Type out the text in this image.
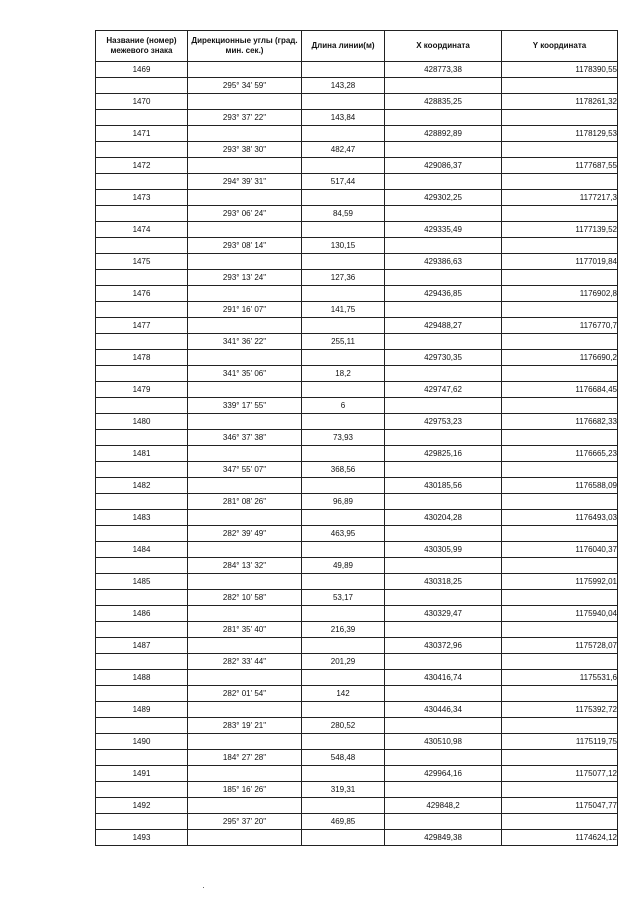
Название (номер) межевого знака	Дирекционные углы (град. мин. сек.)	Длина линии(м)	X координата	Y координата
1469			428773,38	1178390,55
	295° 34' 59"	143,28		
1470			428835,25	1178261,32
	293° 37' 22"	143,84		
1471			428892,89	1178129,53
	293° 38' 30"	482,47		
1472			429086,37	1177687,55
	294° 39' 31"	517,44		
1473			429302,25	1177217,3
	293° 06' 24"	84,59		
1474			429335,49	1177139,52
	293° 08' 14"	130,15		
1475			429386,63	1177019,84
	293° 13' 24"	127,36		
1476			429436,85	1176902,8
	291° 16' 07"	141,75		
1477			429488,27	1176770,7
	341° 36' 22"	255,11		
1478			429730,35	1176690,2
	341° 35' 06"	18,2		
1479			429747,62	1176684,45
	339° 17' 55"	6		
1480			429753,23	1176682,33
	346° 37' 38"	73,93		
1481			429825,16	1176665,23
	347° 55' 07"	368,56		
1482			430185,56	1176588,09
	281° 08' 26"	96,89		
1483			430204,28	1176493,03
	282° 39' 49"	463,95		
1484			430305,99	1176040,37
	284° 13' 32"	49,89		
1485			430318,25	1175992,01
	282° 10' 58"	53,17		
1486			430329,47	1175940,04
	281° 35' 40"	216,39		
1487			430372,96	1175728,07
	282° 33' 44"	201,29		
1488			430416,74	1175531,6
	282° 01' 54"	142		
1489			430446,34	1175392,72
	283° 19' 21"	280,52		
1490			430510,98	1175119,75
	184° 27' 28"	548,48		
1491			429964,16	1175077,12
	185° 16' 26"	319,31		
1492			429848,2	1175047,77
	295° 37' 20"	469,85		
1493			429849,38	1174624,12
